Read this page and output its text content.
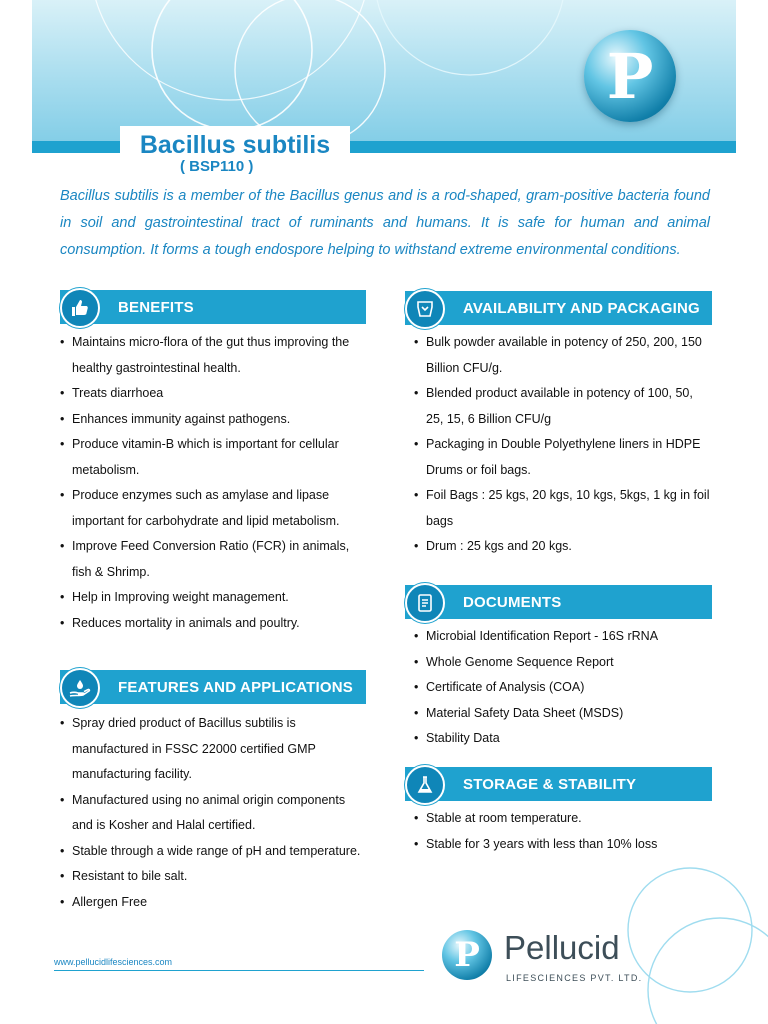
P
Bacillus subtilis
( BSP110 )
Bacillus subtilis is a member of the Bacillus genus and is a rod-shaped, gram-positive bacteria found in soil and gastrointestinal tract of ruminants and humans. It is safe for human and animal consumption. It forms a tough endospore helping to withstand extreme environmental conditions.
BENEFITS
• Maintains micro-flora of the gut thus improving the healthy gastrointestinal health.
• Treats diarrhoea
• Enhances immunity against pathogens.
• Produce vitamin-B which is important for cellular metabolism.
• Produce enzymes such as amylase and lipase important for carbohydrate and lipid metabolism.
• Improve Feed Conversion Ratio (FCR) in animals, fish & Shrimp.
• Help in Improving weight management.
• Reduces mortality in animals and poultry.
FEATURES AND APPLICATIONS
• Spray dried product of Bacillus subtilis is manufactured in FSSC 22000 certified GMP manufacturing facility.
• Manufactured using no animal origin components and is Kosher and Halal certified.
• Stable through a wide range of pH and temperature.
• Resistant to bile salt.
• Allergen Free
AVAILABILITY AND PACKAGING
• Bulk powder available in potency of 250, 200, 150 Billion CFU/g.
• Blended product available in potency of 100, 50, 25, 15, 6 Billion CFU/g
• Packaging in Double Polyethylene liners in HDPE Drums or foil bags.
• Foil Bags : 25 kgs, 20 kgs, 10 kgs, 5kgs, 1 kg in foil bags
• Drum : 25 kgs and 20 kgs.
DOCUMENTS
• Microbial Identification Report - 16S rRNA
• Whole Genome Sequence Report
• Certificate of Analysis (COA)
• Material Safety Data Sheet (MSDS)
• Stability Data
STORAGE & STABILITY
• Stable at room temperature.
• Stable for 3 years with less than 10% loss
www.pellucidlifesciences.com	P Pellucid
LIFESCIENCES PVT. LTD.
